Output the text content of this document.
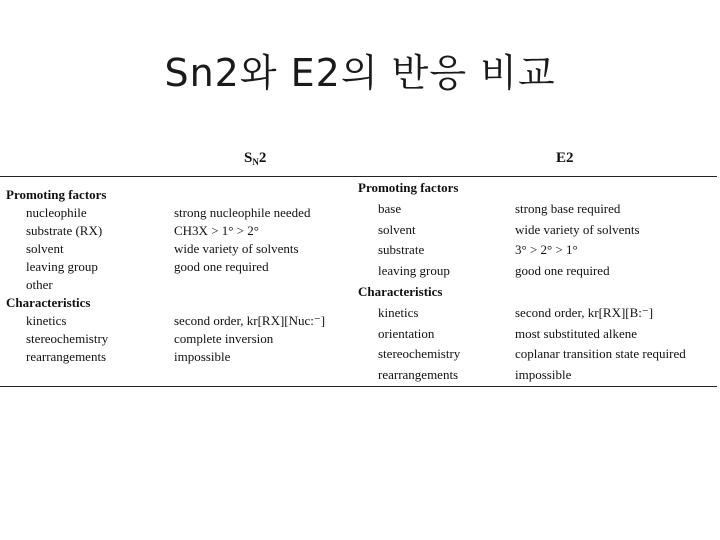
Sn2와 E2의 반응 비교
$S_N2$	E2
Promoting factors
nucleophile
substrate (RX)
solvent
leaving group
other
Characteristics
kinetics
stereochemistry
rearrangements

strong nucleophile needed
CH3X > 1° > 2°
wide variety of solvents
good one required

second order, kr[RX][Nuc:⁻]
complete inversion
impossible
Promoting factors
base
solvent
substrate
leaving group
Characteristics
kinetics
orientation
stereochemistry
rearrangements

strong base required
wide variety of solvents
3° > 2° > 1°
good one required

second order, kr[RX][B:⁻]
most substituted alkene
coplanar transition state required
impossible
